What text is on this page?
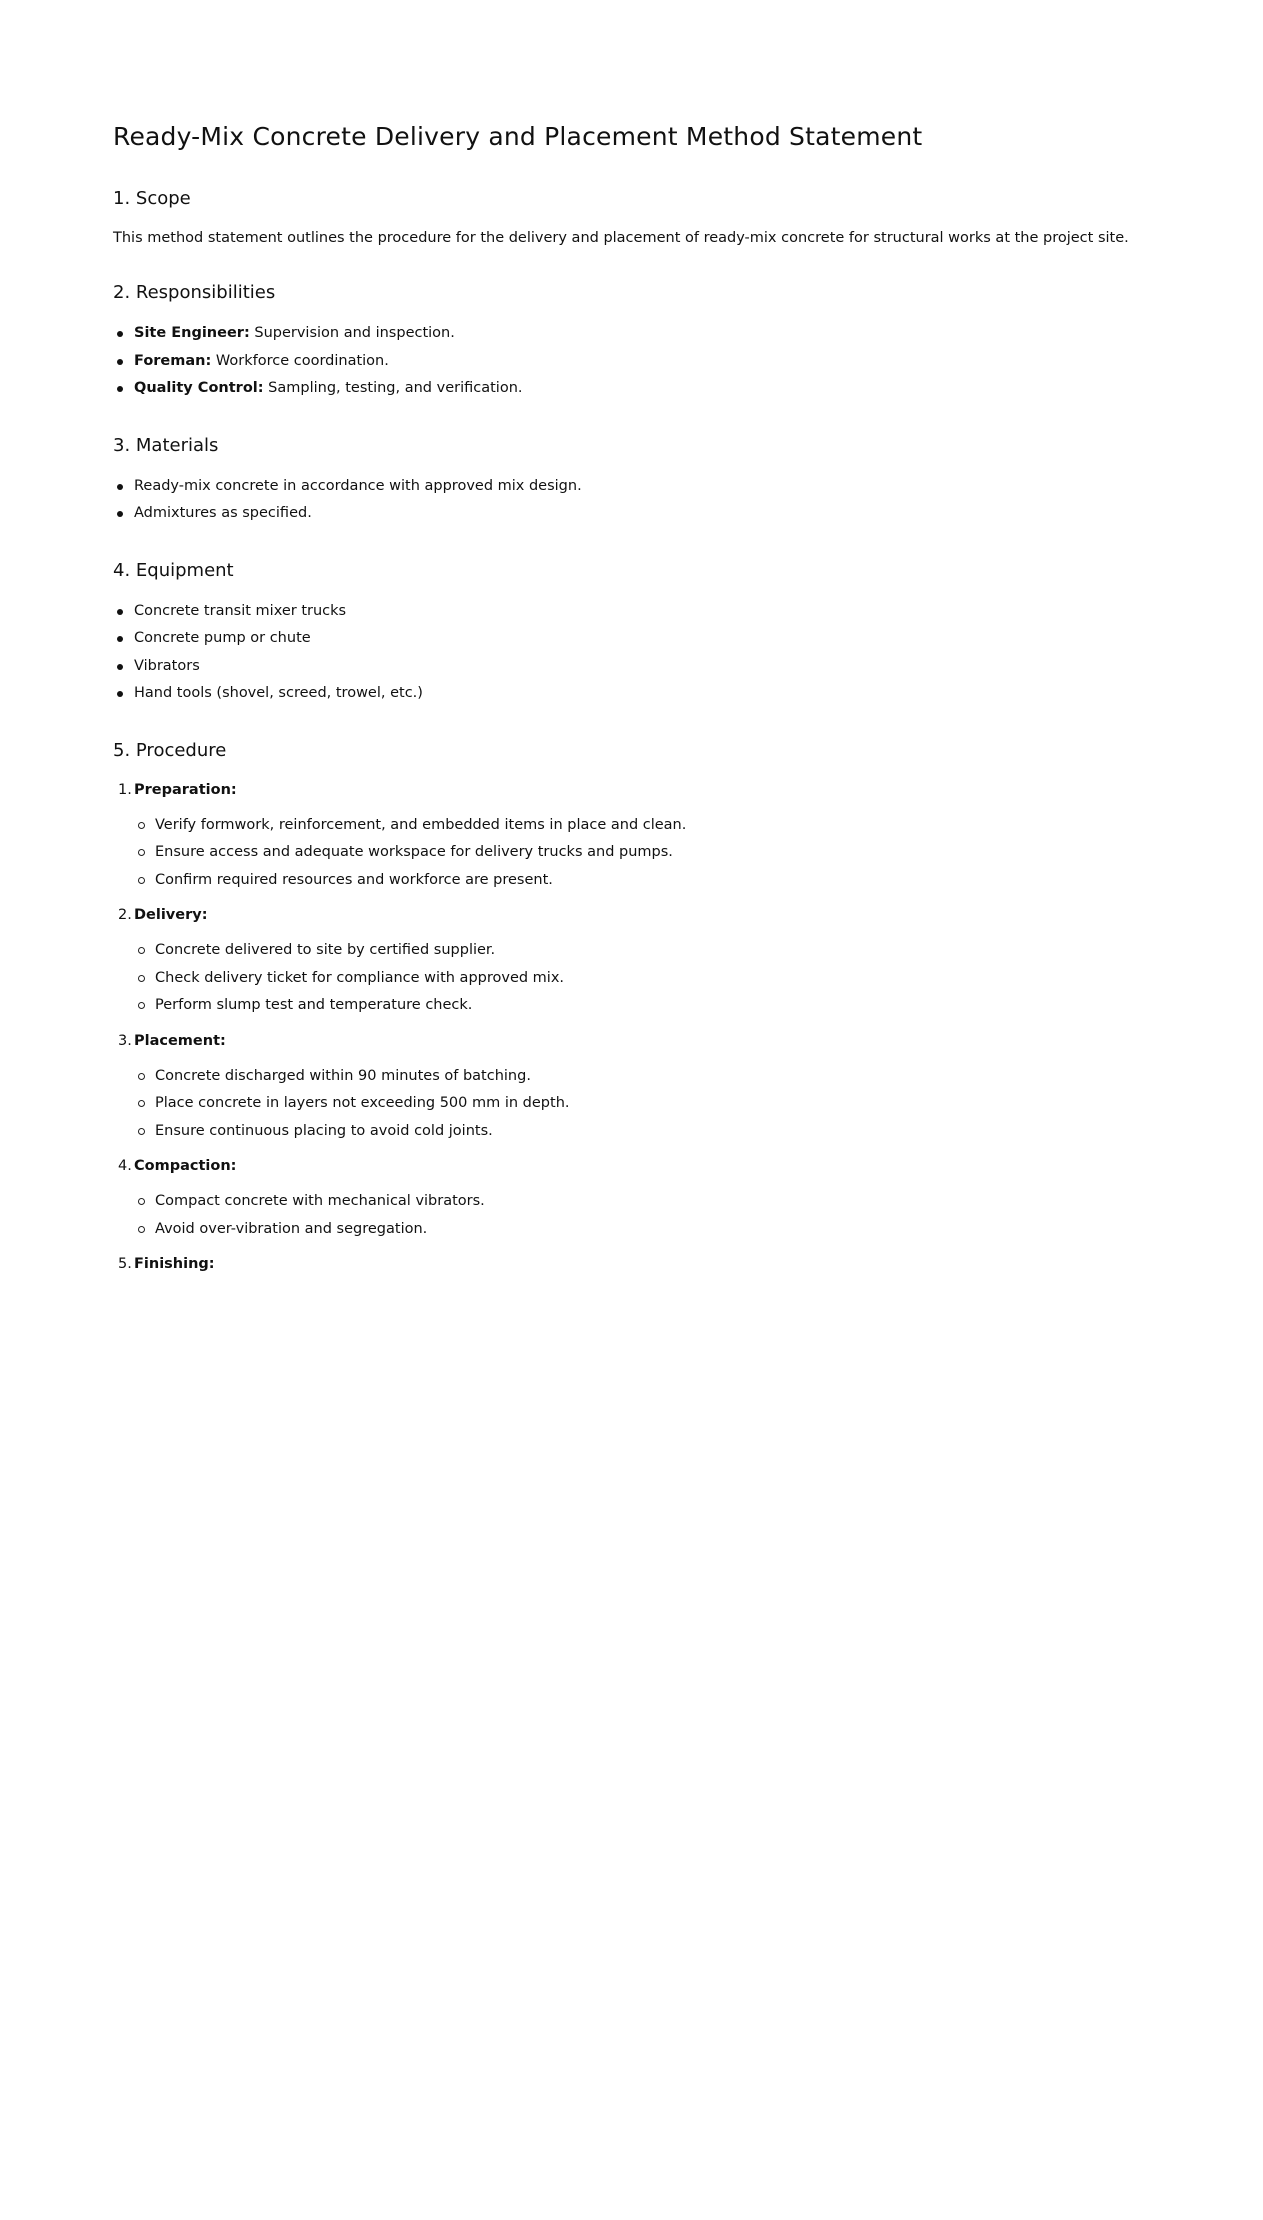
Ready-Mix Concrete Delivery and Placement Method Statement
1. Scope

This method statement outlines the procedure for the delivery and placement of ready-mix concrete for structural works at the project site.

2. Responsibilities
Site Engineer: Supervision and inspection.
Foreman: Workforce coordination.
Quality Control: Sampling, testing, and verification.
3. Materials
Ready-mix concrete in accordance with approved mix design.
Admixtures as specified.
4. Equipment
Concrete transit mixer trucks
Concrete pump or chute
Vibrators
Hand tools (shovel, screed, trowel, etc.)
5. Procedure
1. Preparation:
Verify formwork, reinforcement, and embedded items in place and clean.
Ensure access and adequate workspace for delivery trucks and pumps.
Confirm required resources and workforce are present.
2. Delivery:
Concrete delivered to site by certified supplier.
Check delivery ticket for compliance with approved mix.
Perform slump test and temperature check.
3. Placement:
Concrete discharged within 90 minutes of batching.
Place concrete in layers not exceeding 500 mm in depth.
Ensure continuous placing to avoid cold joints.
4. Compaction:
Compact concrete with mechanical vibrators.
Avoid over-vibration and segregation.
5. Finishing:
